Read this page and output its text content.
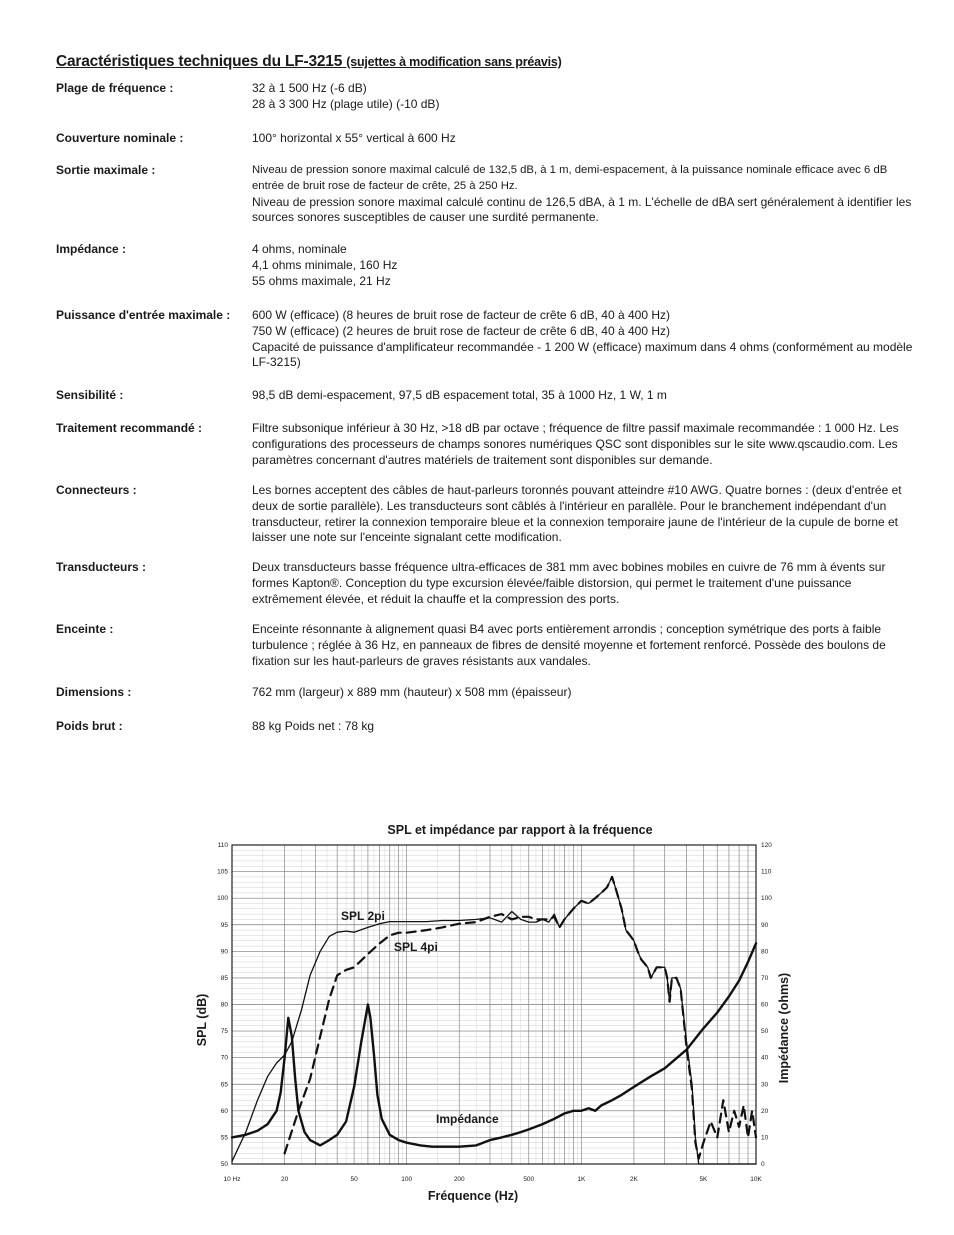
Caractéristiques techniques du LF-3215 (sujettes à modification sans préavis)
Plage de fréquence :	32 à 1 500 Hz (-6 dB)
28 à 3 300 Hz (plage utile) (-10 dB)
Couverture nominale :	100° horizontal x 55° vertical à 600 Hz
Sortie maximale :	Niveau de pression sonore maximal calculé de 132,5 dB, à 1 m, demi-espacement, à la puissance nominale efficace avec 6 dB entrée de bruit rose de facteur de crête, 25 à 250 Hz.
Niveau de pression sonore maximal calculé continu de 126,5 dBA, à 1 m. L'échelle de dBA sert généralement à identifier les sources sonores susceptibles de causer une surdité permanente.
Impédance :	4 ohms, nominale
4,1 ohms minimale, 160 Hz
55 ohms maximale, 21 Hz
Puissance d'entrée maximale :	600 W (efficace) (8 heures de bruit rose de facteur de crête 6 dB, 40 à 400 Hz)
750 W (efficace) (2 heures de bruit rose de facteur de crête 6 dB, 40 à 400 Hz)
Capacité de puissance d'amplificateur recommandée - 1 200 W (efficace) maximum dans 4 ohms (conformément au modèle LF-3215)
Sensibilité :	98,5 dB demi-espacement, 97,5 dB espacement total, 35 à 1000 Hz, 1 W, 1 m
Traitement recommandé :	Filtre subsonique inférieur à 30 Hz, >18 dB par octave ; fréquence de filtre passif maximale recommandée : 1 000 Hz. Les configurations des processeurs de champs sonores numériques QSC sont disponibles sur le site www.qscaudio.com. Les paramètres concernant d'autres matériels de traitement sont disponibles sur demande.
Connecteurs :	Les bornes acceptent des câbles de haut-parleurs toronnés pouvant atteindre #10 AWG. Quatre bornes : (deux d'entrée et deux de sortie parallèle). Les transducteurs sont câblés à l'intérieur en parallèle. Pour le branchement indépendant d'un transducteur, retirer la connexion temporaire bleue et la connexion temporaire jaune de l'intérieur de la cupule de borne et laisser une note sur l'enceinte signalant cette modification.
Transducteurs :	Deux transducteurs basse fréquence ultra-efficaces de 381 mm avec bobines mobiles en cuivre de 76 mm à évents sur formes Kapton®. Conception du type excursion élevée/faible distorsion, qui permet le traitement d'une puissance extrêmement élevée, et réduit la chauffe et la compression des ports.
Enceinte :	Enceinte résonnante à alignement quasi B4 avec ports entièrement arrondis ; conception symétrique des ports à faible turbulence ; réglée à 36 Hz, en panneaux de fibres de densité moyenne et fortement renforcé. Possède des boulons de fixation sur les haut-parleurs de graves résistants aux vandales.
Dimensions :	762 mm (largeur) x 889 mm (hauteur) x 508 mm (épaisseur)
Poids brut :	88 kg Poids net : 78 kg
50
55
60
65
70
75
80
85
90
95
100
105
110
0
10
20
30
40
50
60
70
80
90
100
110
120
10 Hz	20	50	100	200	500	1K	2K	5K	10K
SPL et impédance par rapport à la fréquence
Fréquence (Hz)
SPL (dB)	Impédance (ohms)
SPL 2pi
SPL 4pi
Impédance
